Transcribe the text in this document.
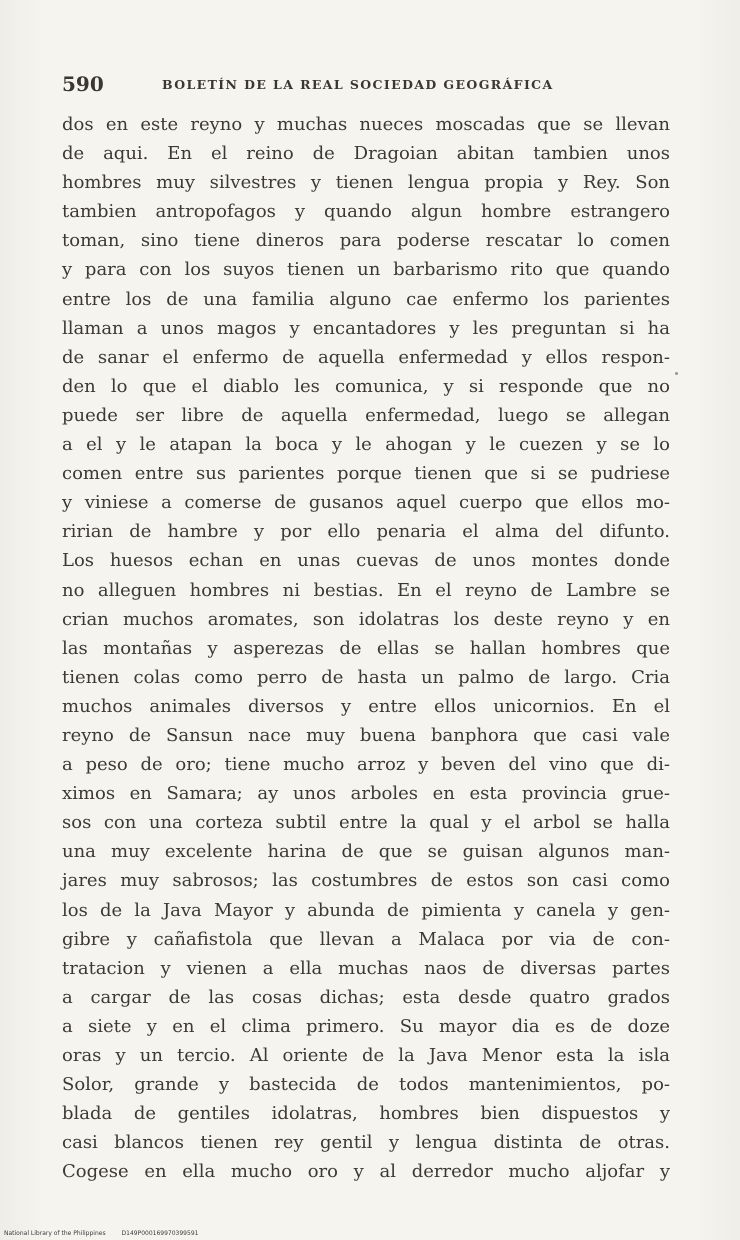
590	BOLETÍN DE LA REAL SOCIEDAD GEOGRÁFICA
dos en este reyno y muchas nueces moscadas que se llevan
de aqui. En el reino de Dragoian abitan tambien unos
hombres muy silvestres y tienen lengua propia y Rey. Son
tambien antropofagos y quando algun hombre estrangero
toman, sino tiene dineros para poderse rescatar lo comen
y para con los suyos tienen un barbarismo rito que quando
entre los de una familia alguno cae enfermo los parientes
llaman a unos magos y encantadores y les preguntan si ha
de sanar el enfermo de aquella enfermedad y ellos respon-
den lo que el diablo les comunica, y si responde que no
puede ser libre de aquella enfermedad, luego se allegan
a el y le atapan la boca y le ahogan y le cuezen y se lo
comen entre sus parientes porque tienen que si se pudriese
y viniese a comerse de gusanos aquel cuerpo que ellos mo-
ririan de hambre y por ello penaria el alma del difunto.
Los huesos echan en unas cuevas de unos montes donde
no alleguen hombres ni bestias. En el reyno de Lambre se
crian muchos aromates, son idolatras los deste reyno y en
las montañas y asperezas de ellas se hallan hombres que
tienen colas como perro de hasta un palmo de largo. Cria
muchos animales diversos y entre ellos unicornios. En el
reyno de Sansun nace muy buena banphora que casi vale
a peso de oro; tiene mucho arroz y beven del vino que di-
ximos en Samara; ay unos arboles en esta provincia grue-
sos con una corteza subtil entre la qual y el arbol se halla
una muy excelente harina de que se guisan algunos man-
jares muy sabrosos; las costumbres de estos son casi como
los de la Java Mayor y abunda de pimienta y canela y gen-
gibre y cañafistola que llevan a Malaca por via de con-
tratacion y vienen a ella muchas naos de diversas partes
a cargar de las cosas dichas; esta desde quatro grados
a siete y en el clima primero. Su mayor dia es de doze
oras y un tercio. Al oriente de la Java Menor esta la isla
Solor, grande y bastecida de todos mantenimientos, po-
blada de gentiles idolatras, hombres bien dispuestos y
casi blancos tienen rey gentil y lengua distinta de otras.
Cogese en ella mucho oro y al derredor mucho aljofar y
National Library of the Philippines	D149P000169970399591
